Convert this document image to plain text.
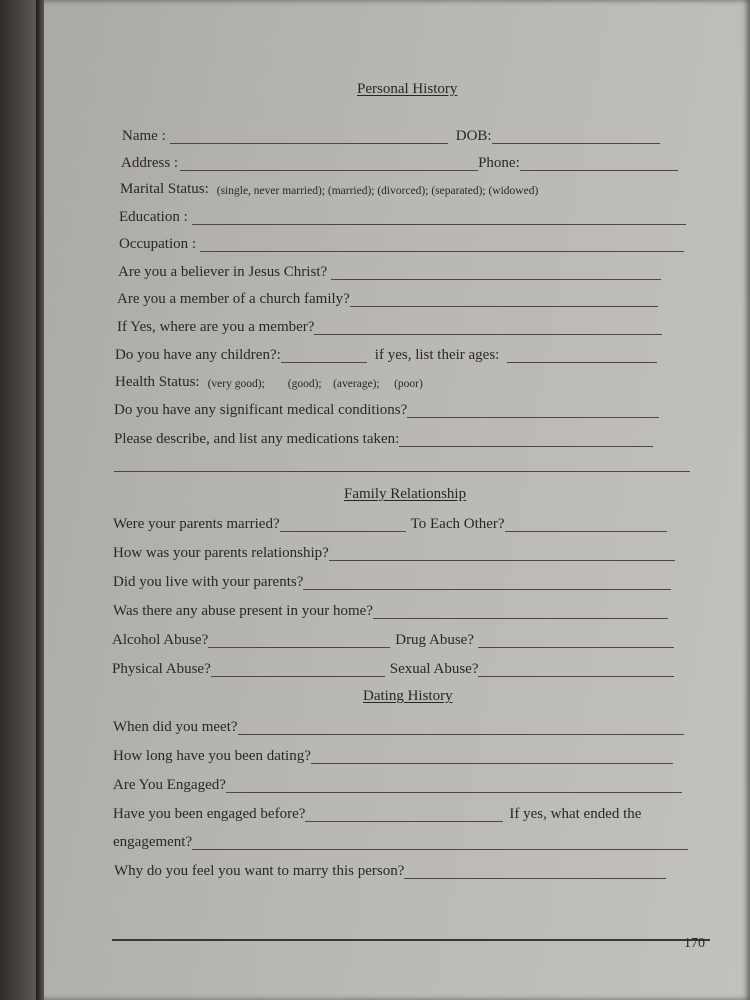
Personal History
Name :	DOB:
Address :	Phone:
Marital Status: (single, never married); (married); (divorced); (separated); (widowed)
Education :
Occupation :
Are you a believer in Jesus Christ?
Are you a member of a church family?
If Yes, where are you a member?
Do you have any children?:	if yes, list their ages:
Health Status: (very good);        (good);    (average);     (poor)
Do you have any significant medical conditions?
Please describe, and list any medications taken:
Family Relationship
Were your parents married?	To Each Other?
How was your parents relationship?
Did you live with your parents?
Was there any abuse present in your home?
Alcohol Abuse?	Drug Abuse?
Physical Abuse?	Sexual Abuse?
Dating History
When did you meet?
How long have you been dating?
Are You Engaged?
Have you been engaged before?	If yes, what ended the
engagement?
Why do you feel you want to marry this person?
170
